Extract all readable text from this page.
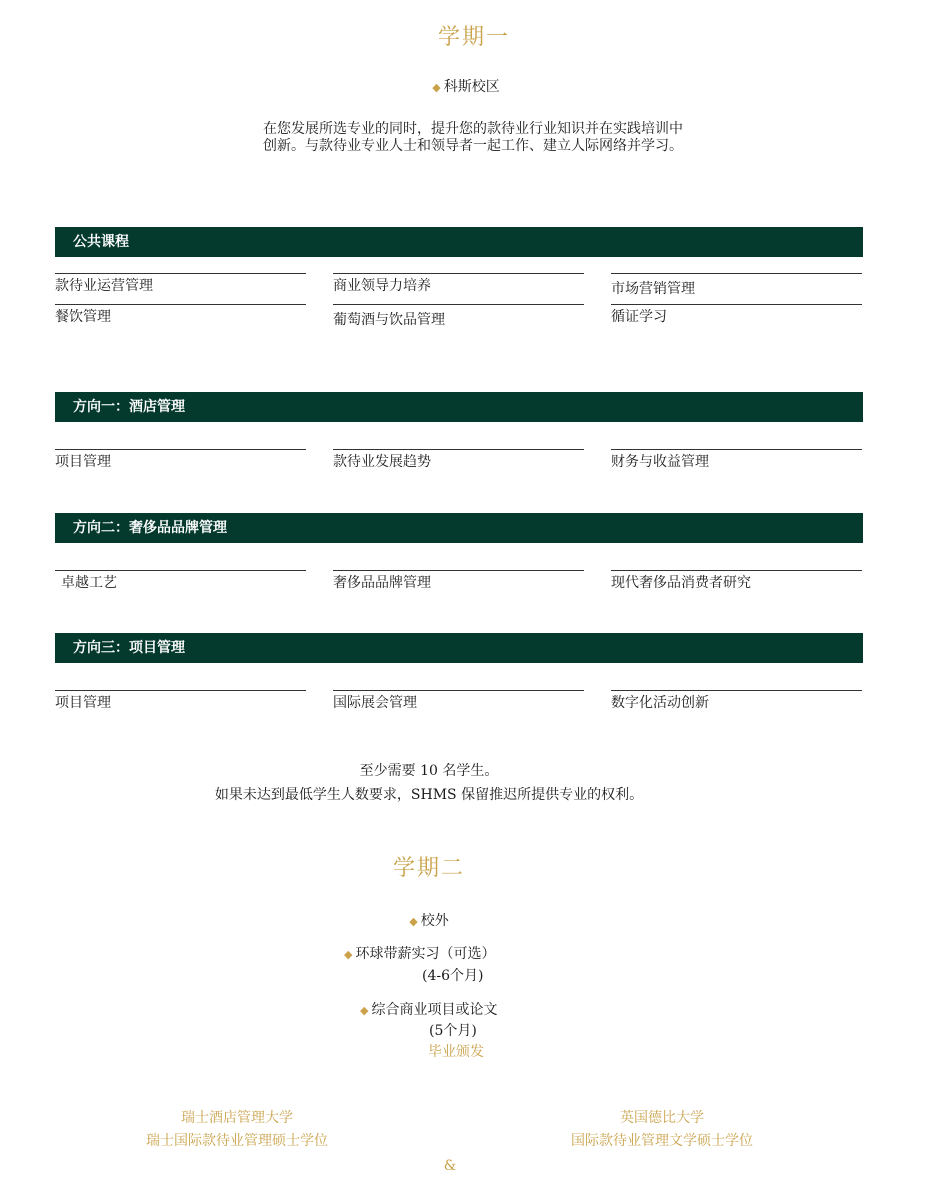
学期一
◆ 科斯校区
在您发展所选专业的同时，提升您的款待业行业知识并在实践培训中创新。与款待业专业人士和领导者一起工作、建立人际网络并学习。
公共课程
款待业运营管理	商业领导力培养	市场营销管理
餐饮管理	葡萄酒与饮品管理	循证学习
方向一：酒店管理
项目管理	款待业发展趋势	财务与收益管理
方向二：奢侈品品牌管理
卓越工艺	奢侈品品牌管理	现代奢侈品消费者研究
方向三：项目管理
项目管理	国际展会管理	数字化活动创新
至少需要 10 名学生。
如果未达到最低学生人数要求，SHMS 保留推迟所提供专业的权利。
学期二
◆ 校外
◆ 环球带薪实习（可选）
(4-6个月)
◆ 综合商业项目或论文
(5个月)
毕业颁发
瑞士酒店管理大学
瑞士国际款待业管理硕士学位
英国德比大学
国际款待业管理文学硕士学位
&
